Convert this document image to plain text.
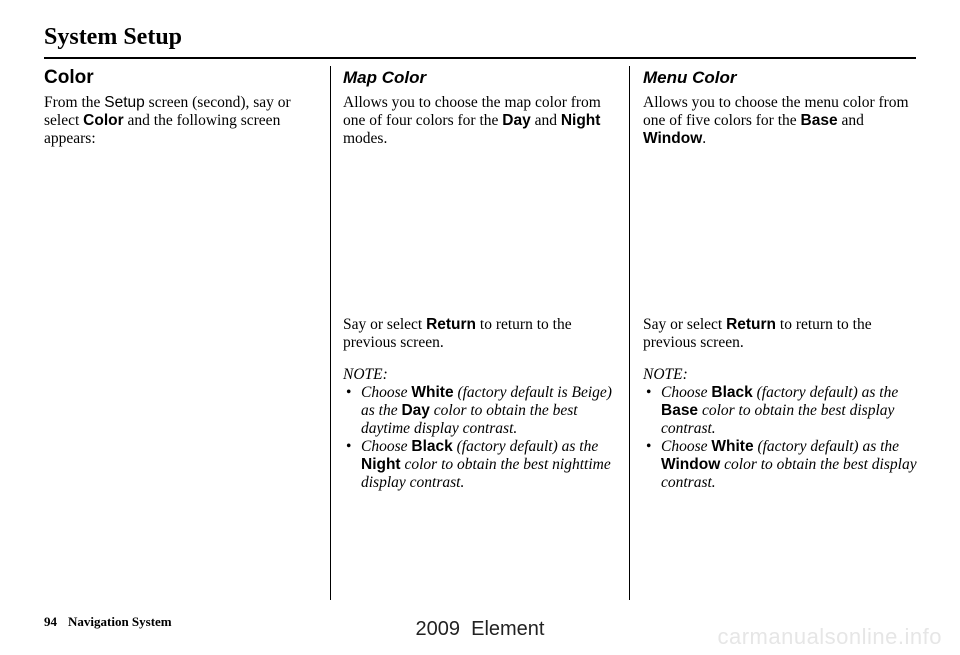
System Setup
Color

From the Setup screen (second), say or select Color and the following screen appears:

Map Color

Allows you to choose the map color from one of four colors for the Day and Night modes.

Say or select Return to return to the previous screen.

NOTE:

• Choose White (factory default is Beige) as the Day color to obtain the best daytime display contrast.
• Choose Black (factory default) as the Night color to obtain the best nighttime display contrast.
Menu Color

Allows you to choose the menu color from one of five colors for the Base and Window.

Say or select Return to return to the previous screen.

NOTE:

• Choose Black (factory default) as the Base color to obtain the best display contrast.
• Choose White (factory default) as the Window color to obtain the best display contrast.
94 Navigation System	2009  Element	carmanualsonline.info
